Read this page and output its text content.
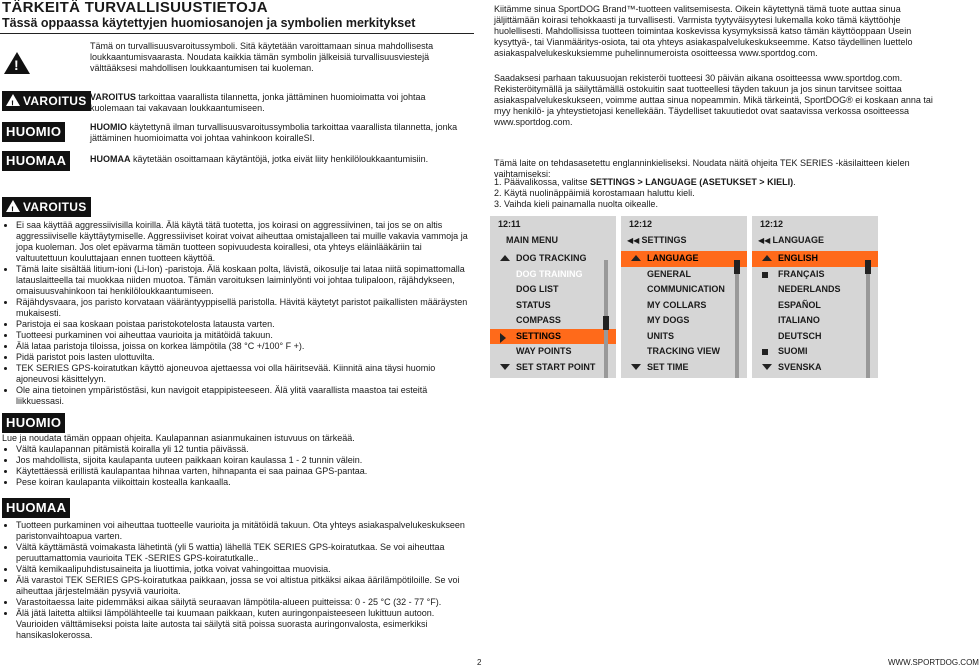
TÄRKEITÄ TURVALLISUUSTIETOJA
Tässä oppaassa käytettyjen huomiosanojen ja symbolien merkitykset
!
!VAROITUS
HUOMIO
HUOMAA
Tämä on turvallisuusvaroitussymboli. Sitä käytetään varoittamaan sinua mahdollisesta loukkaantumisvaarasta. Noudata kaikkia tämän symbolin jälkeisiä turvallisuusviestejä välttääksesi mahdollisen loukkaantumisen tai kuoleman.
VAROITUS tarkoittaa vaarallista tilannetta, jonka jättäminen huomioimatta voi johtaa kuolemaan tai vakavaan loukkaantumiseen.
HUOMIO käytettynä ilman turvallisuusvaroitussymbolia tarkoittaa vaarallista tilannetta, jonka jättäminen huomioimatta voi johtaa vahinkoon koiralleSI.
HUOMAA käytetään osoittamaan käytäntöjä, jotka eivät liity henkilöloukkaantumisiin.
!VAROITUS
• Ei saa käyttää aggressiivisilla koirilla. Älä käytä tätä tuotetta, jos koirasi on aggressiivinen, tai jos se on altis aggressiiviselle käyttäytymiselle. Aggressiiviset koirat voivat aiheuttaa omistajalleen tai muille vakavia vammoja ja jopa kuoleman. Jos olet epävarma tämän tuotteen sopivuudesta koirallesi, ota yhteys eläinlääkäriin tai valtuutettuun kouluttajaan ennen tuotteen käyttöä.
• Tämä laite sisältää litium-ioni (Li-Ion) -paristoja. Älä koskaan polta, lävistä, oikosulje tai lataa niitä sopimattomalla latauslaitteella tai muokkaa niiden muotoa. Tämän varoituksen laiminlyönti voi johtaa tulipaloon, räjähdykseen, omaisuusvahinkoon tai henkilöloukkaantumiseen.
• Räjähdysvaara, jos paristo korvataan vääräntyyppisellä paristolla. Hävitä käytetyt paristot paikallisten määräysten mukaisesti.
• Paristoja ei saa koskaan poistaa paristokotelosta latausta varten.
• Tuotteesi purkaminen voi aiheuttaa vaurioita ja mitätöidä takuun.
• Älä lataa paristoja tiloissa, joissa on korkea lämpötila (38 °C +/100° F +).
• Pidä paristot pois lasten ulottuvilta.
• TEK SERIES GPS-koiratutkan käyttö ajoneuvoa ajettaessa voi olla häiritsevää. Kiinnitä aina täysi huomio ajoneuvosi käsittelyyn.
• Ole aina tietoinen ympäristöstäsi, kun navigoit etappipisteeseen. Älä ylitä vaarallista maastoa tai esteitä liikkuessasi.
HUOMIO

Lue ja noudata tämän oppaan ohjeita. Kaulapannan asianmukainen istuvuus on tärkeää.

• Vältä kaulapannan pitämistä koiralla yli 12 tuntia päivässä.
• Jos mahdollista, sijoita kaulapanta uuteen paikkaan koiran kaulassa 1 - 2 tunnin välein.
• Käytettäessä erillistä kaulapantaa hihnaa varten, hihnapanta ei saa painaa GPS-pantaa.
• Pese koiran kaulapanta viikoittain kostealla kankaalla.
HUOMAA
• Tuotteen purkaminen voi aiheuttaa tuotteelle vaurioita ja mitätöidä takuun. Ota yhteys asiakaspalvelukeskukseen paristonvaihtoapua varten.
• Vältä käyttämästä voimakasta lähetintä (yli 5 wattia) lähellä TEK SERIES GPS-koiratutkaa. Se voi aiheuttaa peruuttamattomia vaurioita TEK -SERIES GPS-koiratutkalle..
• Vältä kemikaalipuhdistusaineita ja liuottimia, jotka voivat vahingoittaa muovisia.
• Älä varastoi TEK SERIES GPS-koiratutkaa paikkaan, jossa se voi altistua pitkäksi aikaa äärilämpötiloille. Se voi aiheuttaa järjestelmään pysyviä vaurioita.
• Varastoitaessa laite pidemmäksi aikaa säilytä seuraavan lämpötila-alueen puitteissa: 0 - 25 °C (32 - 77 °F).
• Älä jätä laitetta altiiksi lämpölähteelle tai kuumaan paikkaan, kuten auringonpaisteeseen lukittuun autoon. Vaurioiden välttämiseksi poista laite autosta tai säilytä sitä poissa suorasta auringonvalosta, esimerkiksi hansikaslokerossa.
Kiitämme sinua SportDOG Brand™-tuotteen valitsemisesta. Oikein käytettynä tämä tuote auttaa sinua jäljittämään koirasi tehokkaasti ja turvallisesti. Varmista tyytyväisyytesi lukemalla koko tämä käyttöohje huolellisesti. Mahdollisissa tuotteen toimintaa koskevissa kysymyksissä katso tämän käyttöoppaan Usein kysyttyä-, tai Vianmääritys-osiota, tai ota yhteys asiakaspalvelukeskukseemme. Katso täydellinen luettelo asiakaspalvelukeskuksiemme puhelinnumeroista osoitteessa www.sportdog.com.
Saadaksesi parhaan takuusuojan rekisteröi tuotteesi 30 päivän aikana osoitteessa www.sportdog.com. Rekisteröitymällä ja säilyttämällä ostokuitin saat tuotteellesi täyden takuun ja jos sinun tarvitsee soittaa asiakaspalvelukeskukseen, voimme auttaa sinua nopeammin. Mikä tärkeintä, SportDOG® ei koskaan anna tai myy henkilö- ja yhteystietojasi kenellekään. Täydelliset takuutiedot ovat saatavissa verkossa osoitteessa www.sportdog.com.
Tämä laite on tehdasasetettu englanninkieliseksi. Noudata näitä ohjeita TEK SERIES -käsilaitteen kielen vaihtamiseksi:
1. Päävalikossa, valitse SETTINGS > LANGUAGE (ASETUKSET > KIELI).
2. Käytä nuolinäppäimiä korostamaan haluttu kieli.
3. Vaihda kieli painamalla nuolta oikealle.
12:11
MAIN MENU
DOG TRACKING
DOG TRAINING
DOG LIST
STATUS
COMPASS
SETTINGS
WAY POINTS
SET START POINT
12:12
◀◀ SETTINGS
LANGUAGE
GENERAL
COMMUNICATION
MY COLLARS
MY DOGS
UNITS
TRACKING VIEW
SET TIME
12:12
◀◀ LANGUAGE
ENGLISH
FRANÇAIS
NEDERLANDS
ESPAÑOL
ITALIANO
DEUTSCH
SUOMI
SVENSKA
2	WWW.SPORTDOG.COM
